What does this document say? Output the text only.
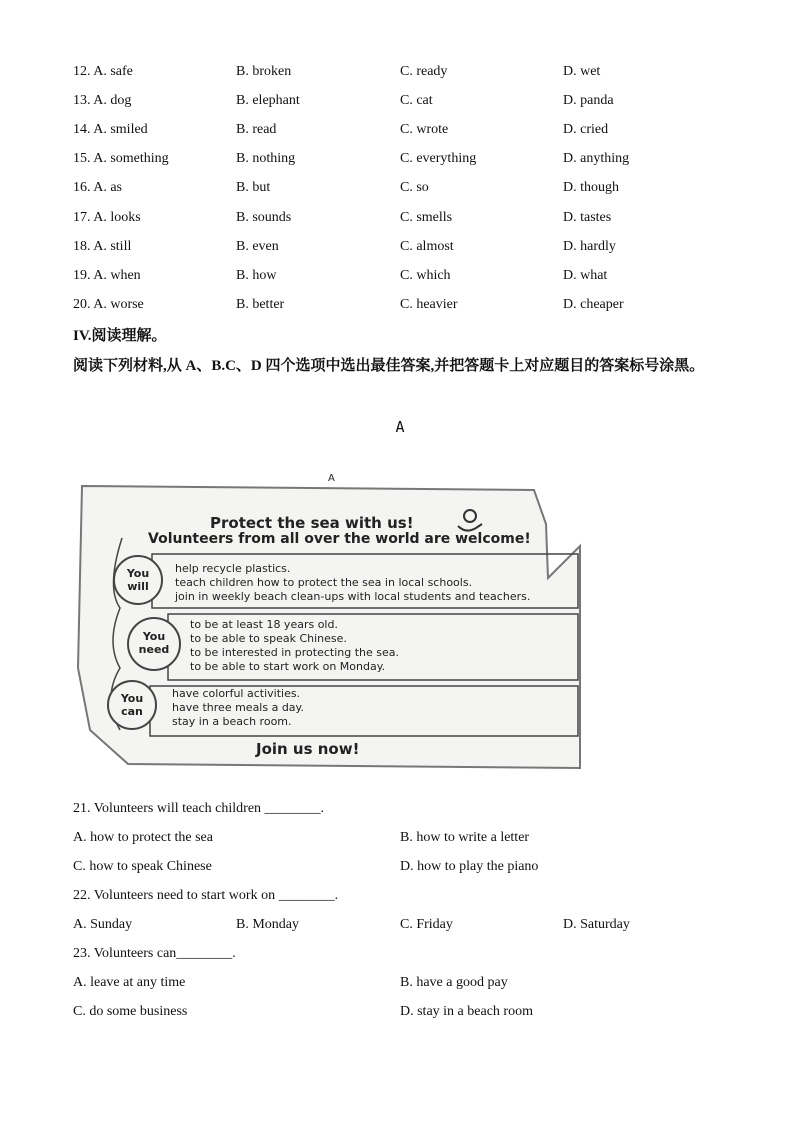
12. A. safe	B. broken	C. ready	D. wet
13. A. dog	B. elephant	C. cat	D. panda
14. A. smiled	B. read	C. wrote	D. cried
15. A. something	B. nothing	C. everything	D. anything
16. A. as	B. but	C. so	D. though
17. A. looks	B. sounds	C. smells	D. tastes
18. A. still	B. even	C. almost	D. hardly
19. A. when	B. how	C. which	D. what
20. A. worse	B. better	C. heavier	D. cheaper
IV.阅读理解。
阅读下列材料,从 A、B.C、D 四个选项中选出最佳答案,并把答题卡上对应题目的答案标号涂黑。
A
A
Protect the sea with us!
Volunteers from all over the world are welcome!
You
will
help recycle plastics.
teach children how to protect the sea in local schools.
join in weekly beach clean-ups with local students and teachers.
You
need
to be at least 18 years old.
to be able to speak Chinese.
to be interested in protecting the sea.
to be able to start work on Monday.
You
can
have colorful activities.
have three meals a day.
stay in a beach room.
Join us now!
21. Volunteers will teach children ________.
A. how to protect the sea	B. how to write a letter
C. how to speak Chinese	D. how to play the piano
22. Volunteers need to start work on ________.
A. Sunday	B. Monday	C. Friday	D. Saturday
23. Volunteers can________.
A. leave at any time	B. have a good pay
C. do some business	D. stay in a beach room
